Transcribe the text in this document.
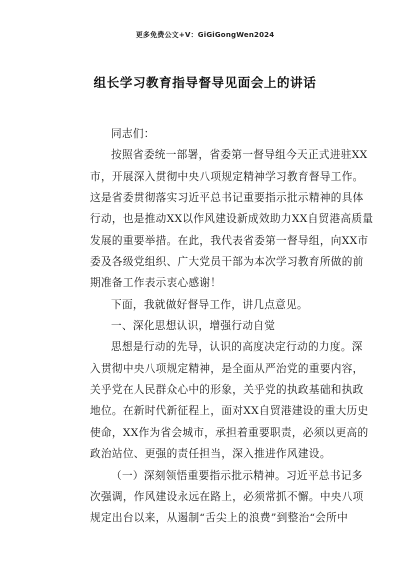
更多免费公文+V：GiGiGongWen2024
组长学习教育指导督导见面会上的讲话
同志们：
按照省委统一部署，省委第一督导组今天正式进驻XX
市，开展深入贯彻中央八项规定精神学习教育督导工作。
这是省委贯彻落实习近平总书记重要指示批示精神的具体
行动，也是推动XX以作风建设新成效助力XX自贸港高质量
发展的重要举措。在此，我代表省委第一督导组，向XX市
委及各级党组织、广大党员干部为本次学习教育所做的前
期准备工作表示衷心感谢！
下面，我就做好督导工作，讲几点意见。
一、深化思想认识，增强行动自觉
思想是行动的先导，认识的高度决定行动的力度。深
入贯彻中央八项规定精神，是全面从严治党的重要内容，
关乎党在人民群众心中的形象，关乎党的执政基础和执政
地位。在新时代新征程上，面对XX自贸港建设的重大历史
使命，XX作为省会城市，承担着重要职责，必须以更高的
政治站位、更强的责任担当，深入推进作风建设。
（一）深刻领悟重要指示批示精神。习近平总书记多
次强调，作风建设永远在路上，必须常抓不懈。中央八项
规定出台以来，从遏制“舌尖上的浪费”到整治“会所中
